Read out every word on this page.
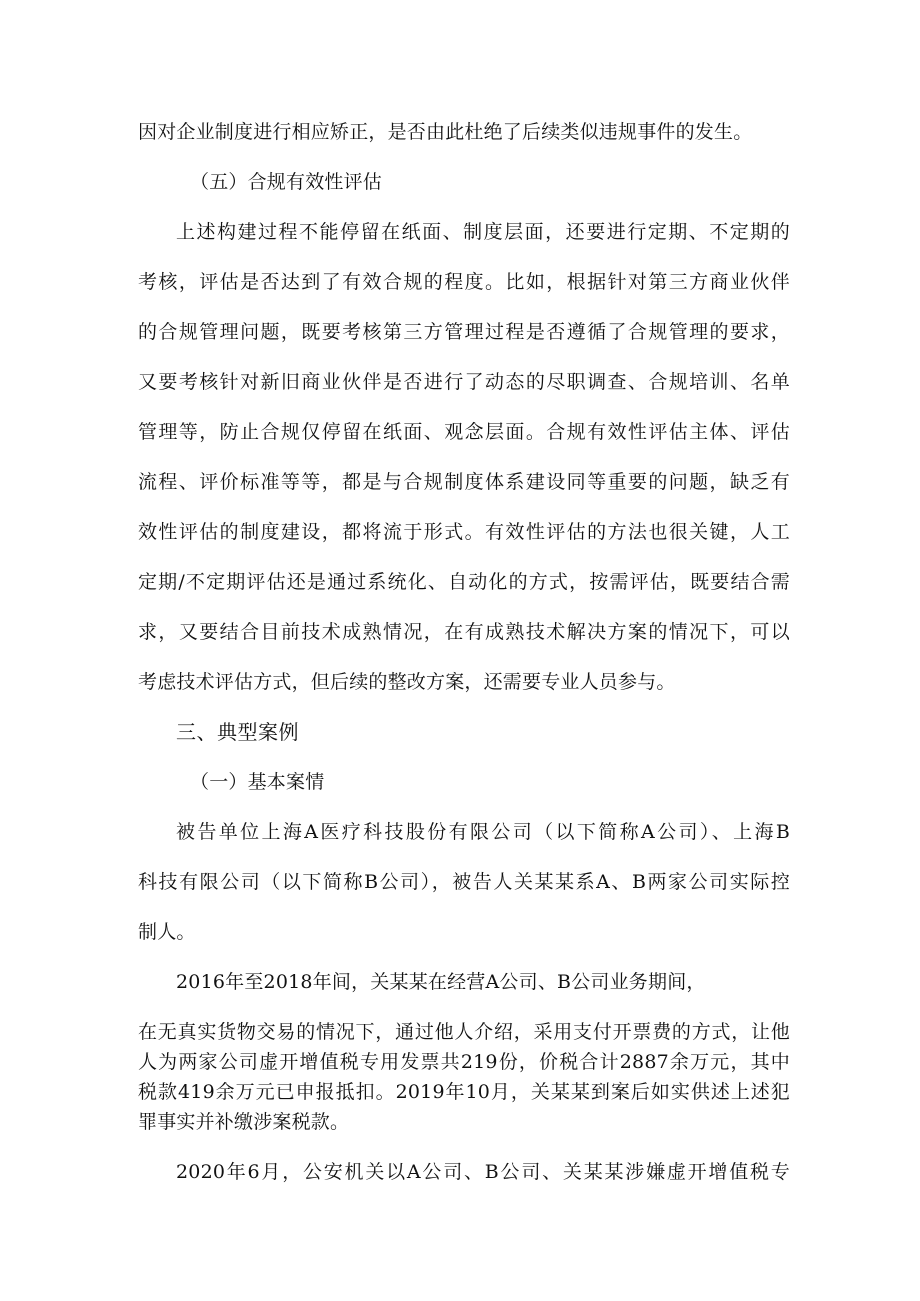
因对企业制度进行相应矫正，是否由此杜绝了后续类似违规事件的发生。
（五）合规有效性评估
上述构建过程不能停留在纸面、制度层面，还要进行定期、不定期的
考核，评估是否达到了有效合规的程度。比如，根据针对第三方商业伙伴
的合规管理问题，既要考核第三方管理过程是否遵循了合规管理的要求，
又要考核针对新旧商业伙伴是否进行了动态的尽职调查、合规培训、名单
管理等，防止合规仅停留在纸面、观念层面。合规有效性评估主体、评估
流程、评价标准等等，都是与合规制度体系建设同等重要的问题，缺乏有
效性评估的制度建设，都将流于形式。有效性评估的方法也很关键，人工
定期/不定期评估还是通过系统化、自动化的方式，按需评估，既要结合需
求，又要结合目前技术成熟情况，在有成熟技术解决方案的情况下，可以
考虑技术评估方式，但后续的整改方案，还需要专业人员参与。
三、典型案例
（一）基本案情
被告单位上海A医疗科技股份有限公司（以下简称A公司）、上海B
科技有限公司（以下简称B公司），被告人关某某系A、B两家公司实际控
制人。
2016年至2018年间，关某某在经营A公司、B公司业务期间，
在无真实货物交易的情况下，通过他人介绍，采用支付开票费的方式，让他
人为两家公司虚开增值税专用发票共219份，价税合计2887余万元，其中
税款419余万元已申报抵扣。2019年10月，关某某到案后如实供述上述犯
罪事实并补缴涉案税款。
2020年6月，公安机关以A公司、B公司、关某某涉嫌虚开增值税专
